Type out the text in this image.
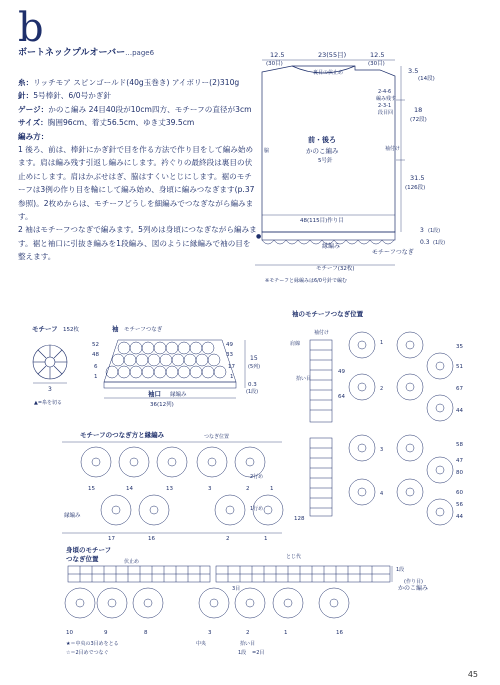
b
ボートネックプルオーバー…page6

糸：リッチモア スピンゴールド(40g玉巻き) アイボリー(2)310g

針：5号棒針、6/0号かぎ針

ゲージ：かのこ編み 24目40段が10cm四方、モチーフの直径が3cm

サイズ：胸囲96cm、着丈56.5cm、ゆき丈39.5cm

編み方：

1 後ろ、前は、棒針にかぎ針で目を作る方法で作り目をして編み始めます。肩は編み残す引返し編みにします。衿ぐりの最終段は裏目の伏止めにします。肩はかぶせはぎ、脇はすくいとじにします。裾のモチーフは3例の作り目を輪にして編み始め、身頃に編みつなぎます(p.37参照)。2枚めからは、モチーフどうしを細編みでつなぎながら編みます。

2 袖はモチーフつなぎで編みます。5列めは身頃につなぎながら編みます。裾と袖口に引抜き編みを1段編み、図のように縁編みで袖の目を整えます。

12.5
(30目)
23(55目)	12.5
(30目)
裏目の伏止め	3.5
(14段)
18
(72段)
31.5
(126段)
2-4-6
編み残す
2-3-1
段目回
脇	袖付け
前・後ろ
かのこ編み
5号針
48(115目)作り目
縁編み
モチーフつなぎ
3 (1段)
0.3 (1段)
モチーフ(32枚)
※モチーフと縁編みは6/0号針で編む
●
モチーフ 152枚
3
▲=糸を切る
袖 モチーフつなぎ
52
48
6
1
49
33
17
1
15
(5列)
0.3
(1段)
袖口 縁編み
36(12列)
袖のモチーフつなぎ位置
肩線
袖付け
拾い目
49
64
128
1
2
3
4
35
51
67
44
58
47
80
60
56
44
モチーフのつなぎ方と縁編み	つなぎ位置
縁編み
2行め
1行め
15	14	13	3	2	1
17	16	2	1
身頃のモチーフ
つなぎ位置
かのこ編み
伏止め
とじ代
1段
(作り目)
3目
10	9	8	3	2	1	16
★＝中央の3目めをとる
☆＝2目めでつなぐ
拾い目
1段 =2目
中央
45
